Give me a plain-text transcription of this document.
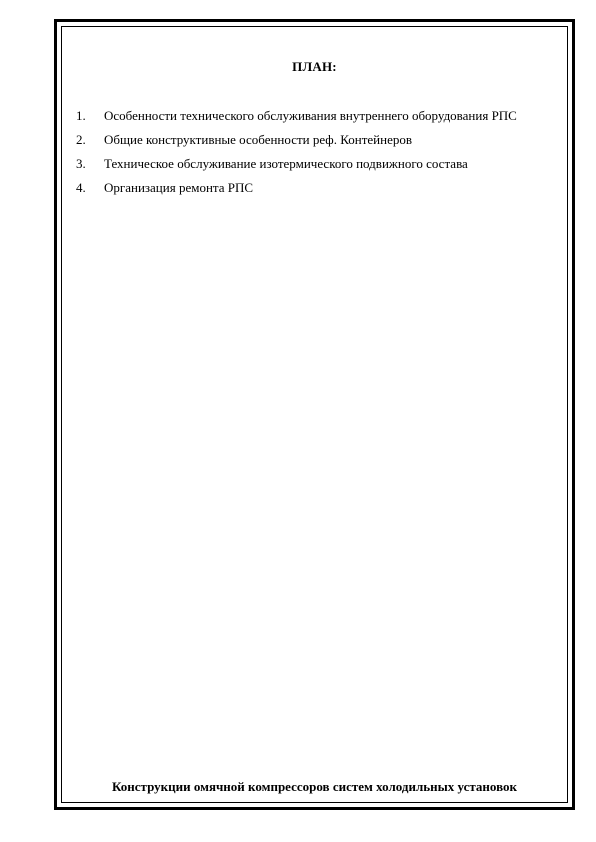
ПЛАН:
1.	Особенности технического обслуживания внутреннего оборудования РПС
2.	Общие конструктивные особенности реф. Контейнеров
3.	Техническое обслуживание изотермического подвижного состава
4.	Организация ремонта РПС
Конструкции омячной компрессоров систем холодильных установок
